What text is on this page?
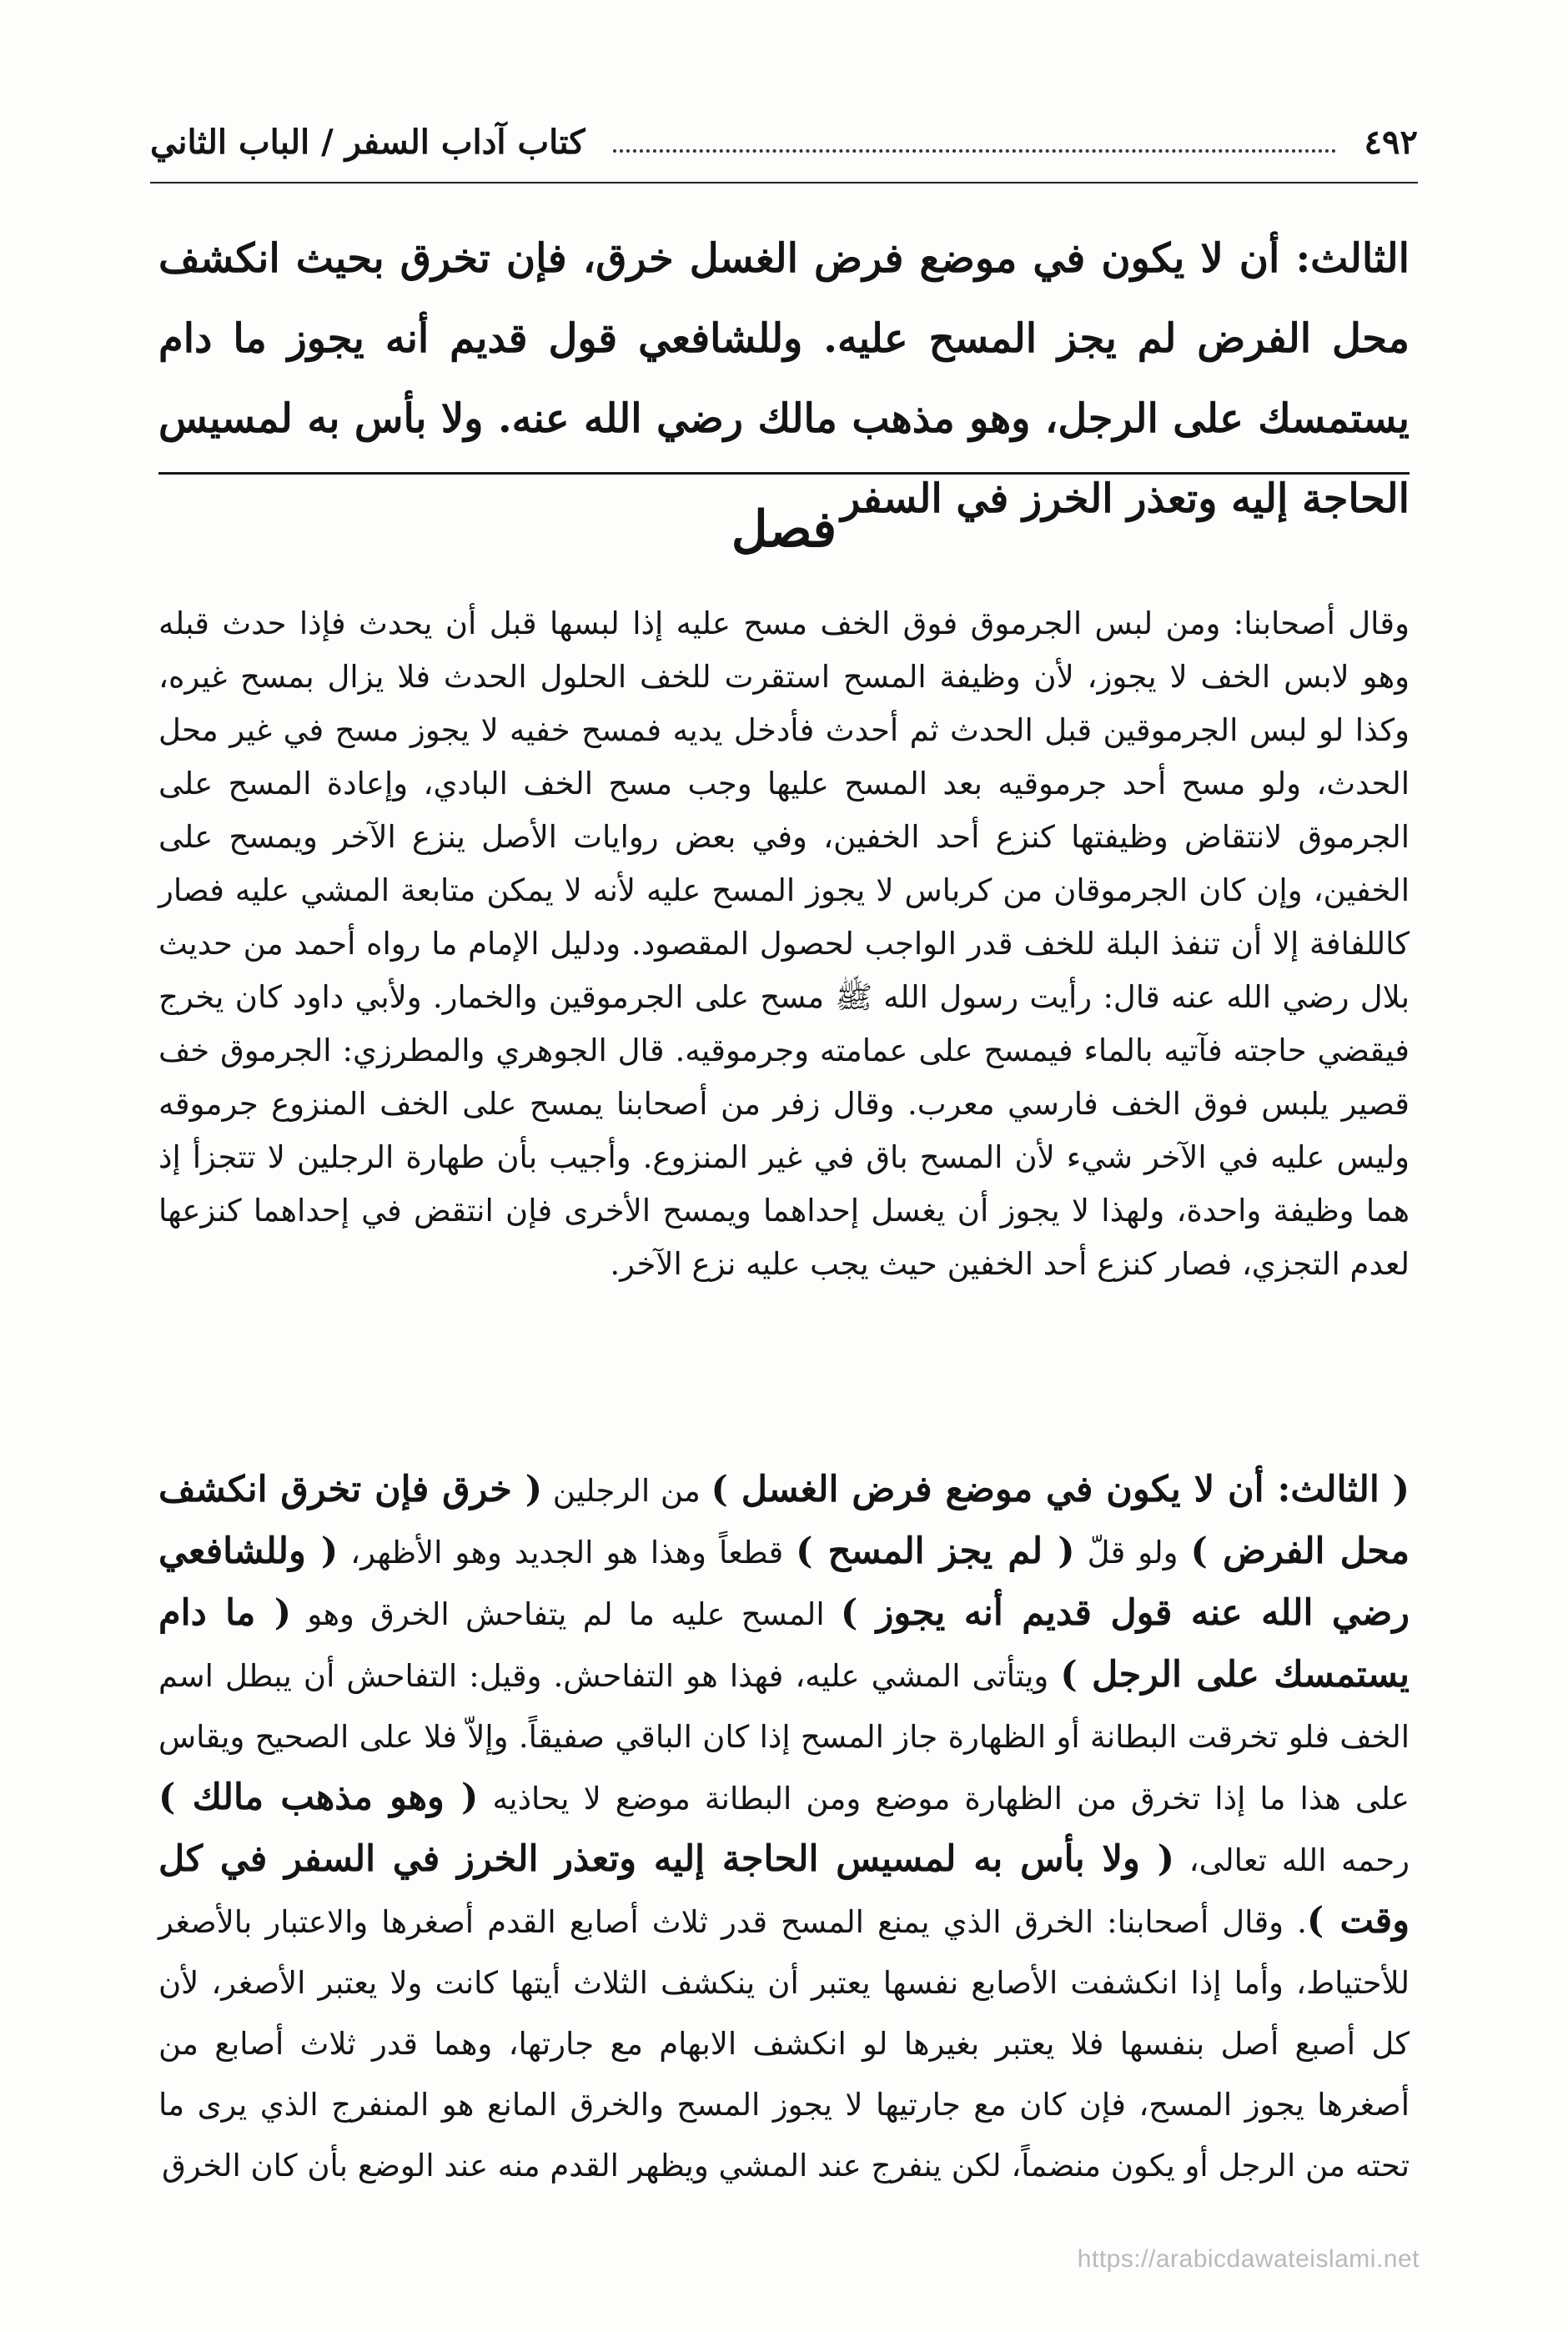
٤٩٢
كتاب آداب السفر / الباب الثاني
الثالث: أن لا يكون في موضع فرض الغسل خرق، فإن تخرق بحيث انكشف محل الفرض لم يجز المسح عليه. وللشافعي قول قديم أنه يجوز ما دام يستمسك على الرجل، وهو مذهب مالك رضي الله عنه. ولا بأس به لمسيس الحاجة إليه وتعذر الخرز في السفر
فصل
وقال أصحابنا: ومن لبس الجرموق فوق الخف مسح عليه إذا لبسها قبل أن يحدث فإذا حدث قبله وهو لابس الخف لا يجوز، لأن وظيفة المسح استقرت للخف الحلول الحدث فلا يزال بمسح غيره، وكذا لو لبس الجرموقين قبل الحدث ثم أحدث فأدخل يديه فمسح خفيه لا يجوز مسح في غير محل الحدث، ولو مسح أحد جرموقيه بعد المسح عليها وجب مسح الخف البادي، وإعادة المسح على الجرموق لانتقاض وظيفتها كنزع أحد الخفين، وفي بعض روايات الأصل ينزع الآخر ويمسح على الخفين، وإن كان الجرموقان من كرباس لا يجوز المسح عليه لأنه لا يمكن متابعة المشي عليه فصار كاللفافة إلا أن تنفذ البلة للخف قدر الواجب لحصول المقصود. ودليل الإمام ما رواه أحمد من حديث بلال رضي الله عنه قال: رأيت رسول الله ﷺ مسح على الجرموقين والخمار. ولأبي داود كان يخرج فيقضي حاجته فآتيه بالماء فيمسح على عمامته وجرموقيه. قال الجوهري والمطرزي: الجرموق خف قصير يلبس فوق الخف فارسي معرب. وقال زفر من أصحابنا يمسح على الخف المنزوع جرموقه وليس عليه في الآخر شيء لأن المسح باق في غير المنزوع. وأجيب بأن طهارة الرجلين لا تتجزأ إذ هما وظيفة واحدة، ولهذا لا يجوز أن يغسل إحداهما ويمسح الأخرى فإن انتقض في إحداهما كنزعها لعدم التجزي، فصار كنزع أحد الخفين حيث يجب عليه نزع الآخر.
( الثالث: أن لا يكون في موضع فرض الغسل ) من الرجلين ( خرق فإن تخرق انكشف محل الفرض ) ولو قلّ ( لم يجز المسح ) قطعاً وهذا هو الجديد وهو الأظهر، ( وللشافعي رضي الله عنه قول قديم أنه يجوز ) المسح عليه ما لم يتفاحش الخرق وهو ( ما دام يستمسك على الرجل ) ويتأتى المشي عليه، فهذا هو التفاحش. وقيل: التفاحش أن يبطل اسم الخف فلو تخرقت البطانة أو الظهارة جاز المسح إذا كان الباقي صفيقاً. وإلاّ فلا على الصحيح ويقاس على هذا ما إذا تخرق من الظهارة موضع ومن البطانة موضع لا يحاذيه ( وهو مذهب مالك ) رحمه الله تعالى، ( ولا بأس به لمسيس الحاجة إليه وتعذر الخرز في السفر في كل وقت ). وقال أصحابنا: الخرق الذي يمنع المسح قدر ثلاث أصابع القدم أصغرها والاعتبار بالأصغر للأحتياط، وأما إذا انكشفت الأصابع نفسها يعتبر أن ينكشف الثلاث أيتها كانت ولا يعتبر الأصغر، لأن كل أصبع أصل بنفسها فلا يعتبر بغيرها لو انكشف الابهام مع جارتها، وهما قدر ثلاث أصابع من أصغرها يجوز المسح، فإن كان مع جارتيها لا يجوز المسح والخرق المانع هو المنفرج الذي يرى ما تحته من الرجل أو يكون منضماً، لكن ينفرج عند المشي ويظهر القدم منه عند الوضع بأن كان الخرق
https://arabicdawateislami.net
